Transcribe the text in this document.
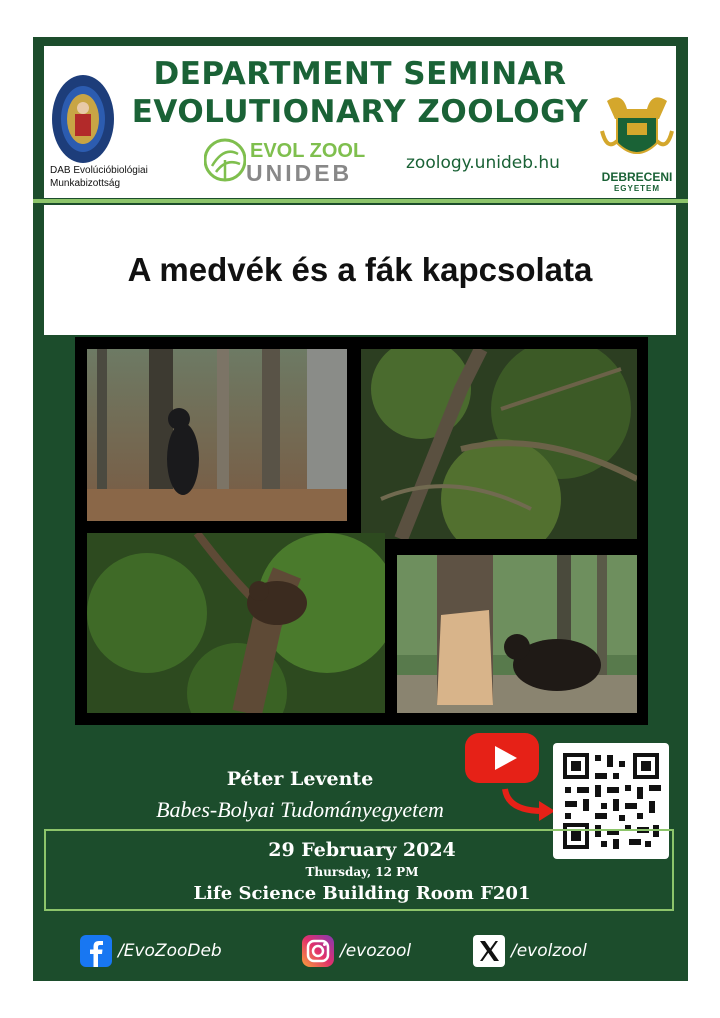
DEPARTMENT SEMINAR
EVOLUTIONARY ZOOLOGY
DAB Evolúcióbiológiai
Munkabizottság
EVOL ZOOL
UNIDEB	zoology.unideb.hu
DEBRECENI
EGYETEM
A medvék és a fák kapcsolata
Péter Levente
Babes-Bolyai Tudományegyetem
29 February 2024
Thursday, 12 PM
Life Science Building Room F201
/EvoZooDeb	/evozool	/evolzool
